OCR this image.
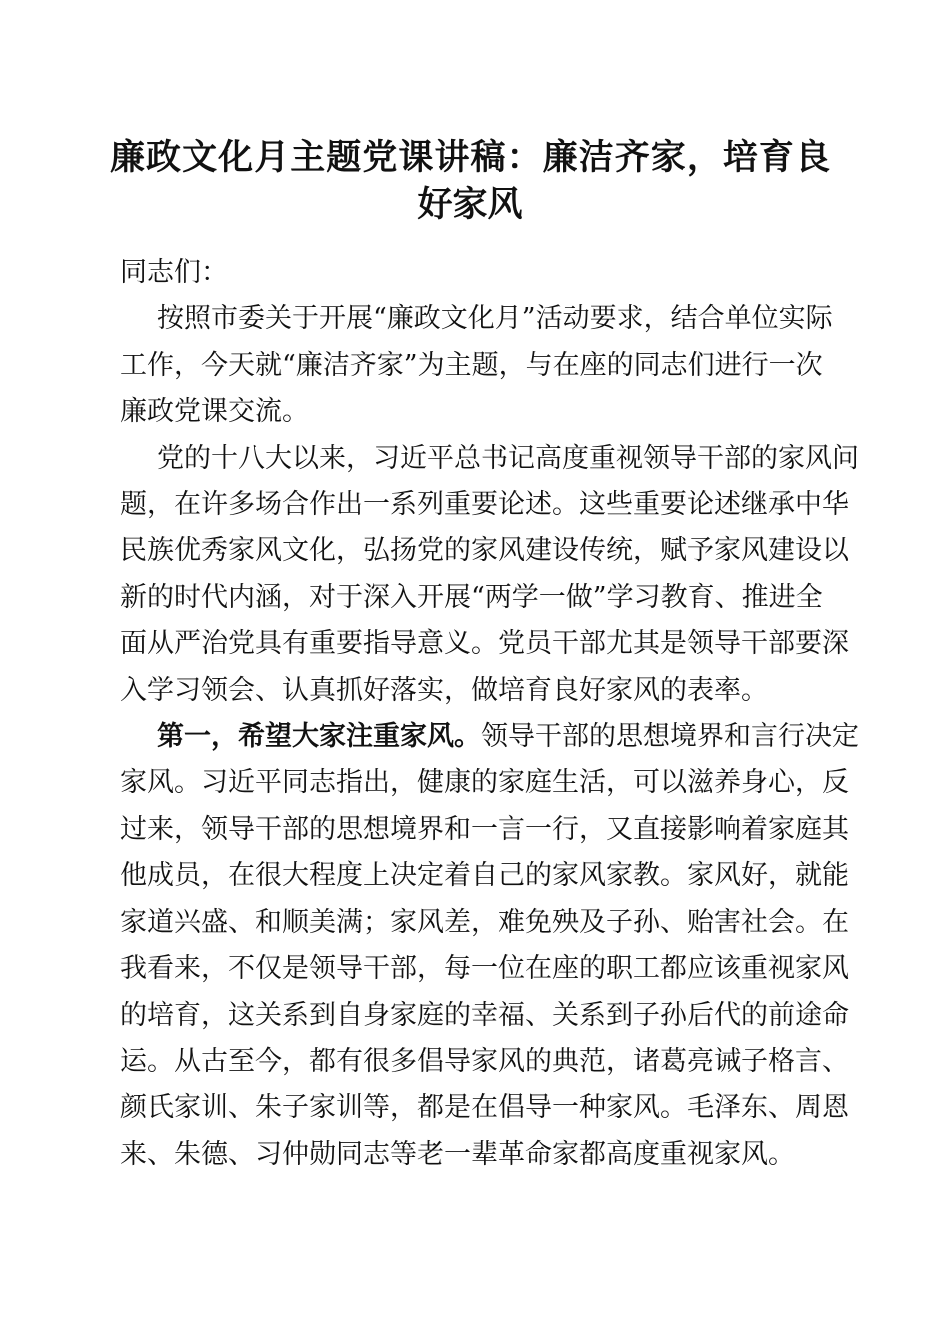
廉政文化月主题党课讲稿：廉洁齐家，培育良
好家风
同志们：
按照市委关于开展“廉政文化月”活动要求，结合单位实际
工作，今天就“廉洁齐家”为主题，与在座的同志们进行一次
廉政党课交流。
党的十八大以来，习近平总书记高度重视领导干部的家风问
题，在许多场合作出一系列重要论述。这些重要论述继承中华
民族优秀家风文化，弘扬党的家风建设传统，赋予家风建设以
新的时代内涵，对于深入开展“两学一做”学习教育、推进全
面从严治党具有重要指导意义。党员干部尤其是领导干部要深
入学习领会、认真抓好落实，做培育良好家风的表率。
第一，希望大家注重家风。领导干部的思想境界和言行决定
家风。习近平同志指出，健康的家庭生活，可以滋养身心，反
过来，领导干部的思想境界和一言一行，又直接影响着家庭其
他成员，在很大程度上决定着自己的家风家教。家风好，就能
家道兴盛、和顺美满；家风差，难免殃及子孙、贻害社会。在
我看来，不仅是领导干部，每一位在座的职工都应该重视家风
的培育，这关系到自身家庭的幸福、关系到子孙后代的前途命
运。从古至今，都有很多倡导家风的典范，诸葛亮诫子格言、
颜氏家训、朱子家训等，都是在倡导一种家风。毛泽东、周恩
来、朱德、习仲勋同志等老一辈革命家都高度重视家风。
